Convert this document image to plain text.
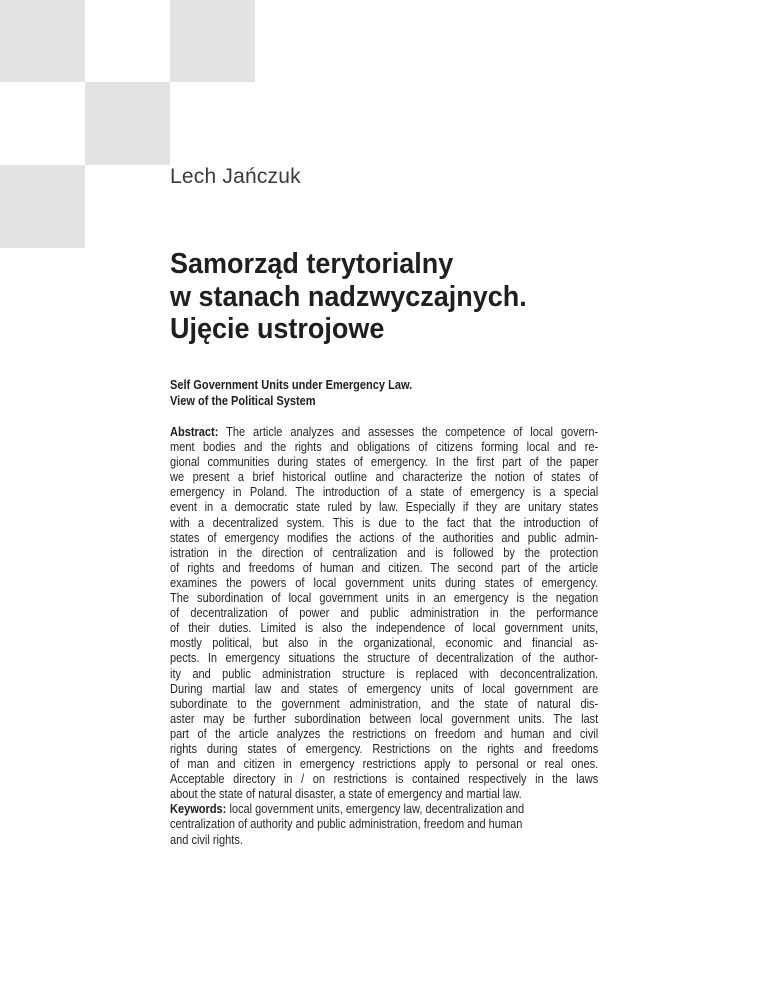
Lech Jańczuk
Samorząd terytorialny
w stanach nadzwyczajnych.
Ujęcie ustrojowe
Self Government Units under Emergency Law.
View of the Political System
Abstract: The article analyzes and assesses the competence of local govern-
ment bodies and the rights and obligations of citizens forming local and re-
gional communities during states of emergency. In the first part of the paper
we present a brief historical outline and characterize the notion of states of
emergency in Poland. The introduction of a state of emergency is a special
event in a democratic state ruled by law. Especially if they are unitary states
with a decentralized system. This is due to the fact that the introduction of
states of emergency modifies the actions of the authorities and public admin-
istration in the direction of centralization and is followed by the protection
of rights and freedoms of human and citizen. The second part of the article
examines the powers of local government units during states of emergency.
The subordination of local government units in an emergency is the negation
of decentralization of power and public administration in the performance
of their duties. Limited is also the independence of local government units,
mostly political, but also in the organizational, economic and financial as-
pects. In emergency situations the structure of decentralization of the author-
ity and public administration structure is replaced with deconcentralization.
During martial law and states of emergency units of local government are
subordinate to the government administration, and the state of natural dis-
aster may be further subordination between local government units. The last
part of the article analyzes the restrictions on freedom and human and civil
rights during states of emergency. Restrictions on the rights and freedoms
of man and citizen in emergency restrictions apply to personal or real ones.
Acceptable directory in / on restrictions is contained respectively in the laws
about the state of natural disaster, a state of emergency and martial law.
Keywords: local government units, emergency law, decentralization and
centralization of authority and public administration, freedom and human
and civil rights.
